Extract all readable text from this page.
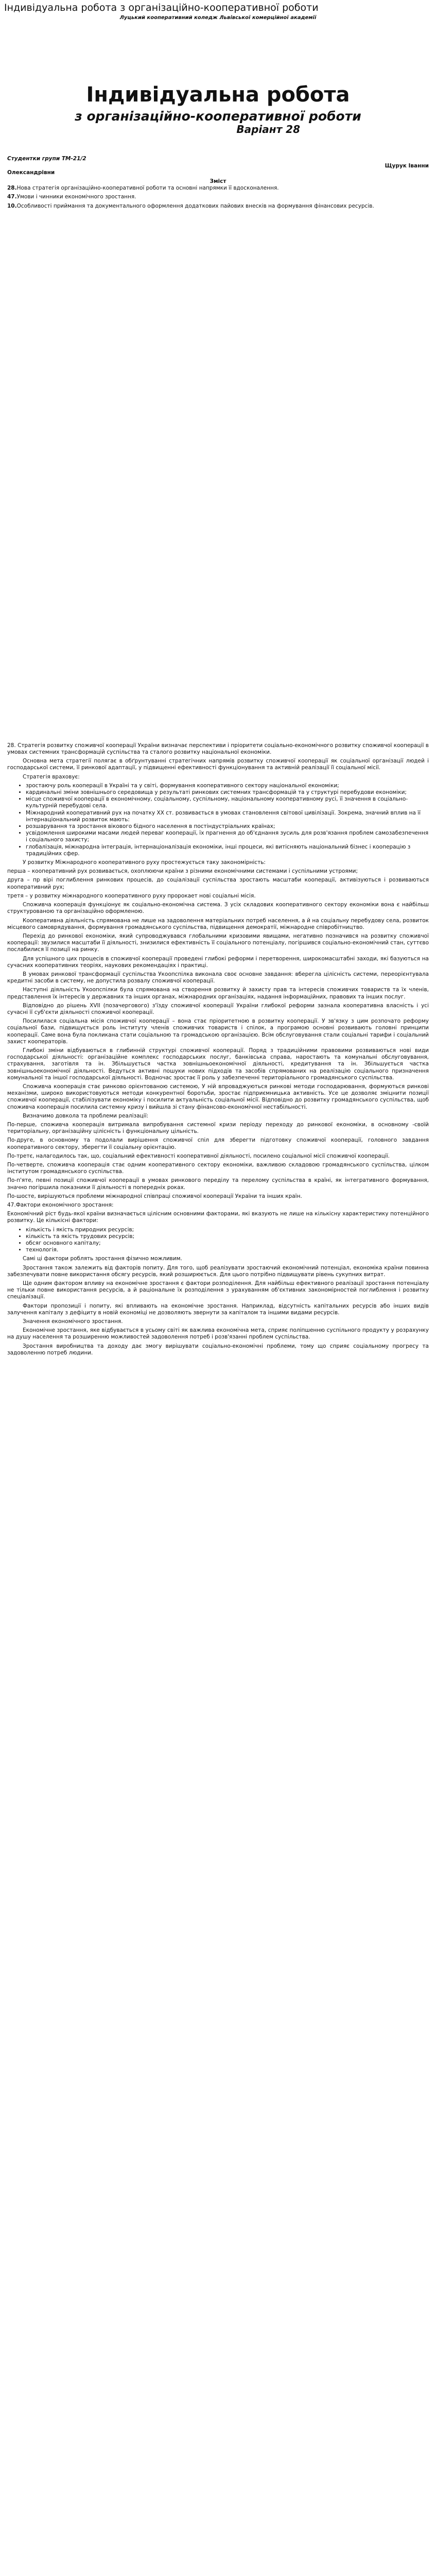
Індивідуальна робота з організаційно-кооперативної роботи
Луцький кооперативний коледж Львівської комерційної академії
Індивідуальна робота
з організаційно-кооперативної роботи
Варіант 28
Студентки групи ТМ-21/2
Щурук Іванни
Олександрівни
Зміст

28.Нова стратегія організаційно-кооперативної роботи та основні напрямки її вдосконалення.

47.Умови і чинники економічного зростання.

10.Особливості приймання та документального оформлення додаткових пайових внесків на формування фінансових ресурсів.

28. Стратегія розвитку споживчої кооперації України визначає перспективи і пріоритети соціально-економічного розвитку споживчої кооперації в умовах системних трансформацій суспільства та сталого розвитку національної економіки.

Основна мета стратегії полягає в обґрунтуванні стратегічних напрямів розвитку споживчої кооперації як соціальної організації людей і господарської системи, її ринкової адаптації, у підвищенні ефективності функціонування та активній реалізації її соціальної місії.

Стратегія враховує:

• зростаючу роль кооперації в Україні та у світі, формування кооперативного сектору національної економіки;
• кардинальні зміни зовнішнього середовища у результаті ринкових системних трансформацій та у структурі перебудови економіки;
• місце споживчої кооперації в економічному, соціальному, суспільному, національному кооперативному русі, її значення в соціально-культурній перебудові села.
• Міжнародний кооперативний рух на початку XX ст. розвивається в умовах становлення світової цивілізації. Зокрема, значний вплив на її інтернаціональний розвиток мають:
• розшарування та зростання вікового бідного населення в постіндустріальних країнах;
• усвідомлення широкими масами людей переваг кооперації, їх прагнення до об'єднання зусиль для розв'язання проблем самозабезпечення і соціального захисту;
• глобалізація, міжнародна інтеграція, інтернаціоналізація економіки, інші процеси, які витісняють національний бізнес і кооперацію з традиційних сфер.

У розвитку Міжнародного кооперативного руху простежується таку закономірність:

перша – кооперативний рух розвивається, охоплюючи країни з різними економічними системами і суспільними устроями;

друга – пр вірі поглиблення ринкових процесів, до соціалізації суспільства зростають масштаби кооперації, активізуються і розвиваються кооперативний рух;

третя – у розвитку міжнародного кооперативного руху пророкает нові соціальні місія.

Споживча кооперація функціонує як соціально-економічна система. З усіх складових кооперативного сектору економіки вона є найбільш структурованою та організаційно оформленою.

Кооперативна діяльність спрямована не лише на задоволення матеріальних потреб населення, а й на соціальну перебудову села, розвиток місцевого самоврядування, формування громадянського суспільства, підвищення демократії, міжнародне співробітництво.

Перехід до ринкової економіки, який супроводжувався глобальними кризовими явищами, негативно позначився на розвитку споживчої кооперації: звузилися масштаби її діяльності, знизилися ефективність її соціального потенціалу, погіршився соціально-економічний стан, суттєво послабилися її позиції на ринку.

Для успішного цих процесів в споживчої кооперації проведені глибокі реформи і перетворення, широкомасштабні заходи, які базуються на сучасних кооперативних теоріях, наукових рекомендаціях і практиці.

В умовах ринкової трансформації суспільства Укоопспілка виконала своє основне завдання: вберегла цілісність системи, переорієнтувала кредитні засоби в систему, не допустила розвалу споживчої кооперації.

Наступні діяльність Укоопспілки була спрямована на створення розвитку й захисту прав та інтересів споживчих товариств та їх членів, представлення їх інтересів у державних та інших органах, міжнародних організаціях, надання інформаційних, правових та інших послуг.

Відповідно до рішень XVII (позачергового) з'їзду споживчої кооперації України глибокої реформи зазнала кооперативна власність і усі сучасні її суб'єкти діяльності споживчої кооперації.

Посилилася соціальна місія споживчої кооперації – вона стає пріоритетною в розвитку кооперації. У зв'язку з цим розпочато реформу соціальної бази, підвищується роль інституту членів споживчих товариств і спілок, а програмою основні розвивають головні принципи кооперації. Саме вона була покликана стати соціальною та громадською організацією. Всім обслуговування стали соціальні тарифи і соціальний захист кооператорів.

Глибокі зміни відбуваються в глибинній структурі споживчої кооперації. Поряд з традиційними правовими розвиваються нові види господарської діяльності: організаційне комплекс господарських послуг, банківська справа, наростають та комунальні обслуговування, страхування, заготівля та ін. Збільшується частка зовнішньоекономічної діяльності, кредитування та ін. Збільшується частка зовнішньоекономічної діяльності. Ведуться активні пошуки нових підходів та засобів спрямованих на реалізацію соціального призначення комунальної та іншої господарської діяльності. Водночас зростає її роль у забезпеченні територіального громадянського суспільства.

Споживча кооперація стає ринково орієнтованою системою, У ній впроваджуються ринкові методи господарювання, формуються ринкові механізми, широко використовуються методи конкурентної боротьби, зростає підприємницька активність. Усе це дозволяє зміцнити позиції споживчої кооперації, стабілізувати економіку і посилити актуальність соціальної місії. Відповідно до розвитку громадянського суспільства, щоб споживча кооперація посилила системну кризу і вийшла зі стану фінансово-економічної нестабільності.

Визначимо довкола та проблеми реалізації:

По-перше, споживча кооперація витримала випробування системної кризи періоду переходу до ринкової економіки, в основному -своїй територіальну, організаційну цілісність і функціональну цільність.

По-друге, в основному та подолали вирішення споживчої спіл для зберегти підготовку споживчої кооперації, головного завдання кооперативного сектору, зберегти її соціальну орієнтацію.

По-третє, налагодилось так, що, соціальний ефективності кооперативної діяльності, посилено соціальної місії споживчої кооперації.

По-четверте, споживча кооперація стає одним кооперативного сектору економіки, важливою складовою громадянського суспільства, цілком інститутом громадянського суспільства.

По-п'яте, певні позиції споживчої кооперації в умовах ринкового переділу та перелому суспільства в країні, як інтегративного формування, значно погіршила показники її діяльності в попередніх роках.

По-шосте, вирішуються проблеми міжнародної співпраці споживчої кооперації України та інших країн.

47.Фактори економічного зростання:

Економічний ріст будь-якої країни визначається цілісним основними факторами, які вказують не лише на кількісну характеристику потенційного розвитку. Це кількісні фактори:

• кількість і якість природних ресурсів;
• кількість та якість трудових ресурсів;
• обсяг основного капіталу;
• технологія.

Самі ці фактори роблять зростання фізично можливим.

Зростання також залежить від факторів попиту. Для того, щоб реалізувати зростаючий економічний потенціал, економіка країни повинна забезпечувати повне використання обсягу ресурсів, який розширюється. Для цього потрібно підвищувати рівень сукупних витрат.

Ще одним фактором впливу на економічне зростання є фактори розподілення. Для найбільш ефективного реалізації зростання потенціалу не тільки повне використання ресурсів, а й раціональне їх розподілення з урахуванням об'єктивних закономірностей поглиблення і розвитку спеціалізації.

Фактори пропозиції і попиту, які впливають на економічне зростання. Наприклад, відсутність капітальних ресурсів або інших видів залучення капіталу з дефіциту в новій економіці не дозволяють звернути за капіталом та іншими видами ресурсів.

Значення економічного зростання.

Економічне зростання, яке відбувається в усьому світі як важлива економічна мета, сприяє поліпшенню суспільного продукту у розрахунку на душу населення та розширенню можливостей задоволення потреб і розв'язанні проблем суспільства.

Зростання виробництва та доходу дає змогу вирішувати соціально-економічні проблеми, тому що сприяє соціальному прогресу та задоволенню потреб людини.
